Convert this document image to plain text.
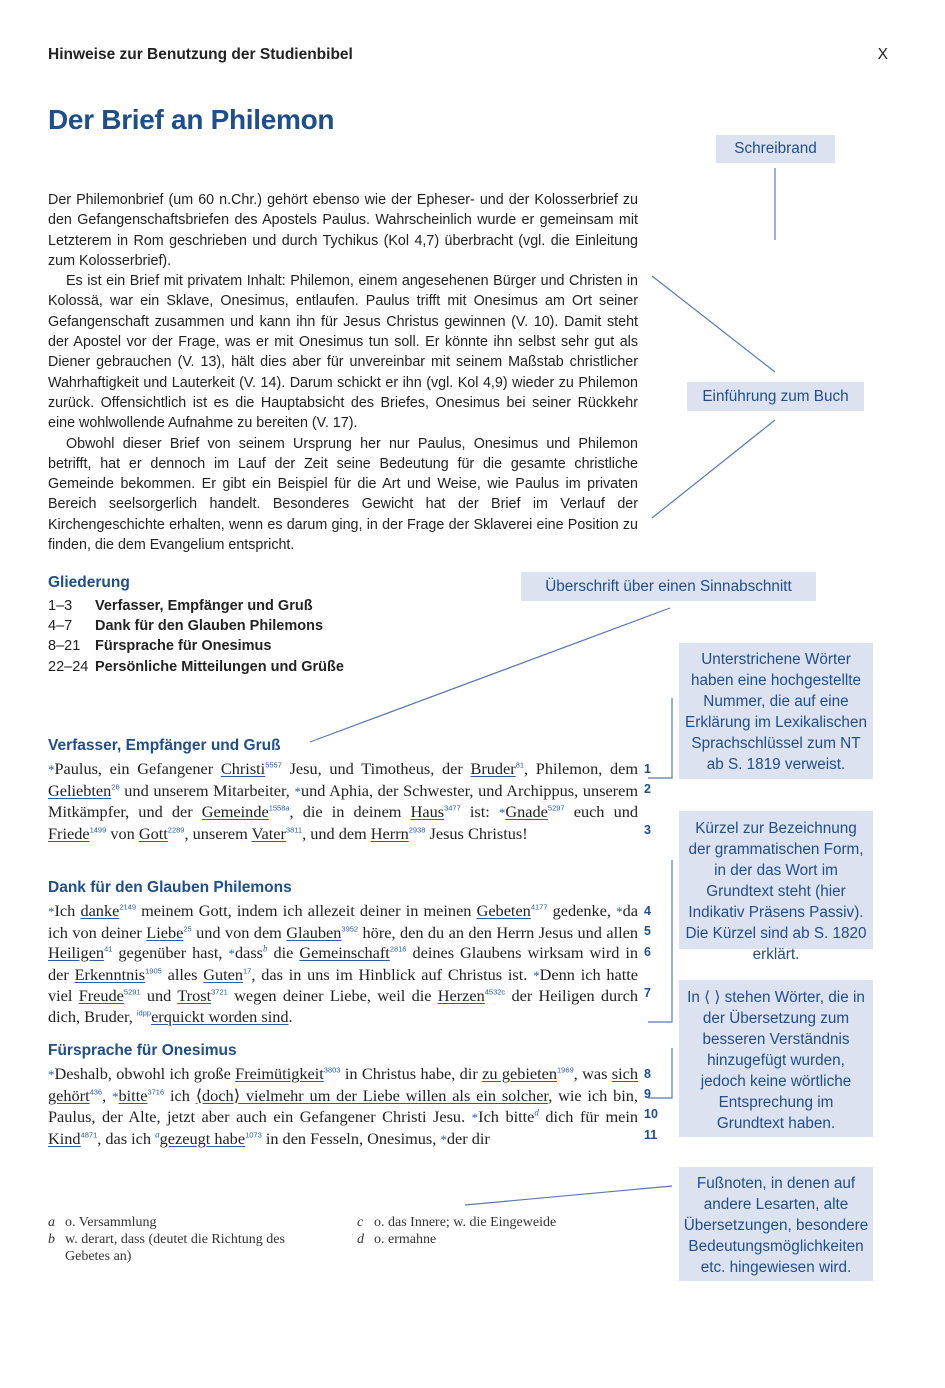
Hinweise zur Benutzung der Studienbibel	X
Der Brief an Philemon

Der Philemonbrief (um 60 n.Chr.) gehört ebenso wie der Epheser- und der Kolosserbrief zu den Gefangenschaftsbriefen des Apostels Paulus. Wahrscheinlich wurde er gemeinsam mit Letzterem in Rom geschrieben und durch Tychikus (Kol 4,7) überbracht (vgl. die Einleitung zum Kolosserbrief).

Es ist ein Brief mit privatem Inhalt: Philemon, einem angesehenen Bürger und Christen in Kolossä, war ein Sklave, Onesimus, entlaufen. Paulus trifft mit Onesimus am Ort seiner Gefangenschaft zusammen und kann ihn für Jesus Christus gewinnen (V. 10). Damit steht der Apostel vor der Frage, was er mit Onesimus tun soll. Er könnte ihn selbst sehr gut als Diener gebrauchen (V. 13), hält dies aber für unvereinbar mit seinem Maßstab christlicher Wahrhaftigkeit und Lauterkeit (V. 14). Darum schickt er ihn (vgl. Kol 4,9) wieder zu Philemon zurück. Offensichtlich ist es die Hauptabsicht des Briefes, Onesimus bei seiner Rückkehr eine wohlwollende Aufnahme zu bereiten (V. 17).

Obwohl dieser Brief von seinem Ursprung her nur Paulus, Onesimus und Philemon betrifft, hat er dennoch im Lauf der Zeit seine Bedeutung für die gesamte christliche Gemeinde bekommen. Er gibt ein Beispiel für die Art und Weise, wie Paulus im privaten Bereich seelsorgerlich handelt. Besonderes Gewicht hat der Brief im Verlauf der Kirchengeschichte erhalten, wenn es darum ging, in der Frage der Sklaverei eine Position zu finden, die dem Evangelium entspricht.

Gliederung
1–3	Verfasser, Empfänger und Gruß
4–7	Dank für den Glauben Philemons
8–21	Fürsprache für Onesimus
22–24 Persönliche Mitteilungen und Grüße
Verfasser, Empfänger und Gruß

*Paulus, ein Gefangener Christi$^{5557}$ Jesu, und Timotheus, der Bruder$^{81}$, Philemon, dem Geliebten$^{26}$ und unserem Mitarbeiter, *und Aphia, der Schwester, und Archippus, unserem Mitkämpfer, und der Gemeinde$^{1558a}$, die in deinem Haus$^{3477}$ ist: *Gnade$^{5297}$ euch und Friede$^{1499}$ von Gott$^{2289}$, unserem Vater$^{3811}$, und dem Herrn$^{2938}$ Jesus Christus!

1
2
3
Dank für den Glauben Philemons

*Ich danke$^{2149}$ meinem Gott, indem ich allezeit deiner in meinen Gebeten$^{4177}$ gedenke, *da ich von deiner Liebe$^{25}$ und von dem Glauben$^{3952}$ höre, den du an den Herrn Jesus und allen Heiligen$^{41}$ gegenüber hast, *dass$^b$ die Gemeinschaft$^{2816}$ deines Glaubens wirksam wird in der Erkenntnis$^{1905}$ alles Guten$^{17}$, das in uns im Hinblick auf Christus ist. *Denn ich hatte viel Freude$^{5291}$ und Trost$^{3721}$ wegen deiner Liebe, weil die Herzen$^{4532c}$ der Heiligen durch dich, Bruder, $^{idpp}$erquickt worden sind.

4
5
6
7
Fürsprache für Onesimus

*Deshalb, obwohl ich große Freimütigkeit$^{3803}$ in Christus habe, dir zu gebieten$^{1969}$, was sich gehört$^{436}$, *bitte$^{3716}$ ich ⟨doch⟩ vielmehr um der Liebe willen als ein solcher, wie ich bin, Paulus, der Alte, jetzt aber auch ein Gefangener Christi Jesu. *Ich bitte$^d$ dich für mein Kind$^{4871}$, das ich $^a$gezeugt habe$^{1073}$ in den Fesseln, Onesimus, *der dir

8
9
10
11
a o. Versammlung
b w. derart, dass (deutet die Richtung des Gebetes an)
c o. das Innere; w. die Eingeweide
d o. ermahne
Schreibrand
Einführung zum Buch
Überschrift über einen Sinnabschnitt
Unterstrichene Wörter haben eine hochgestellte Nummer, die auf eine Erklärung im Lexikalischen Sprachschlüssel zum NT ab S. 1819 verweist.
Kürzel zur Bezeichnung der grammatischen Form, in der das Wort im Grundtext steht (hier Indikativ Präsens Passiv). Die Kürzel sind ab S. 1820 erklärt.
In ⟨ ⟩ stehen Wörter, die in der Übersetzung zum besseren Verständnis hinzugefügt wurden, jedoch keine wörtliche Entsprechung im Grundtext haben.
Fußnoten, in denen auf andere Lesarten, alte Übersetzungen, besondere Bedeutungsmöglichkeiten etc. hingewiesen wird.
